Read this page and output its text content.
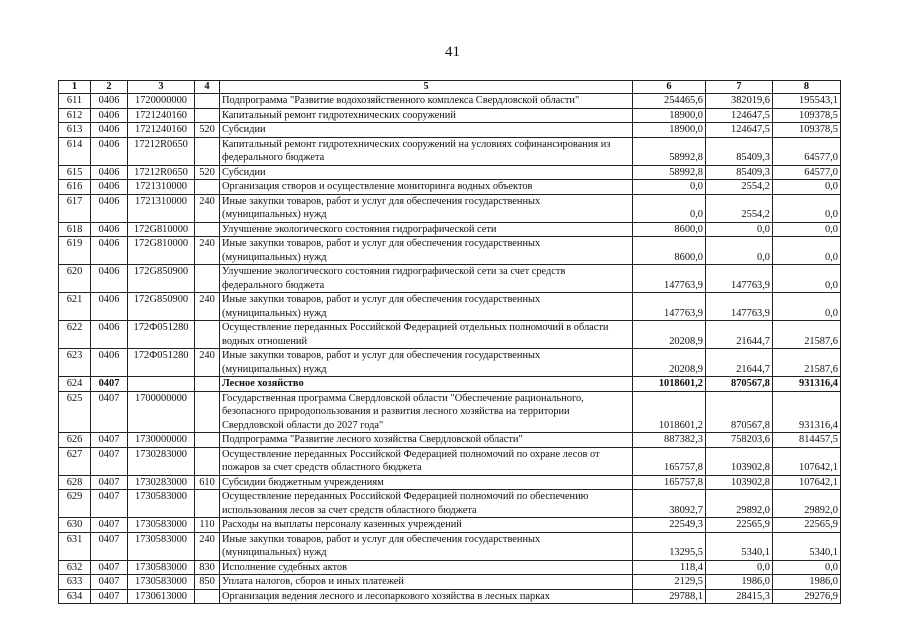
41
1	2	3	4	5	6	7	8
611	0406	1720000000		Подпрограмма "Развитие водохозяйственного комплекса Свердловской области"	254465,6	382019,6	195543,1
612	0406	1721240160		Капитальный ремонт гидротехнических сооружений	18900,0	124647,5	109378,5
613	0406	1721240160	520	Субсидии	18900,0	124647,5	109378,5
614	0406	17212R0650		Капитальный ремонт гидротехнических сооружений на условиях софинансирования из
федерального бюджета	58992,8	85409,3	64577,0
615	0406	17212R0650	520	Субсидии	58992,8	85409,3	64577,0
616	0406	1721310000		Организация створов и осуществление мониторинга водных объектов	0,0	2554,2	0,0
617	0406	1721310000	240	Иные закупки товаров, работ и услуг для обеспечения государственных
(муниципальных) нужд	0,0	2554,2	0,0
618	0406	172G810000		Улучшение экологического состояния гидрографической сети	8600,0	0,0	0,0
619	0406	172G810000	240	Иные закупки товаров, работ и услуг для обеспечения государственных
(муниципальных) нужд	8600,0	0,0	0,0
620	0406	172G850900		Улучшение экологического состояния гидрографической сети за счет средств
федерального бюджета	147763,9	147763,9	0,0
621	0406	172G850900	240	Иные закупки товаров, работ и услуг для обеспечения государственных
(муниципальных) нужд	147763,9	147763,9	0,0
622	0406	172Ф051280		Осуществление переданных Российской Федерацией отдельных полномочий в области
водных отношений	20208,9	21644,7	21587,6
623	0406	172Ф051280	240	Иные закупки товаров, работ и услуг для обеспечения государственных
(муниципальных) нужд	20208,9	21644,7	21587,6
624	0407			Лесное хозяйство	1018601,2	870567,8	931316,4
625	0407	1700000000		Государственная программа Свердловской области "Обеспечение рационального,
безопасного природопользования и развития лесного хозяйства на территории
Свердловской области до 2027 года"	1018601,2	870567,8	931316,4
626	0407	1730000000		Подпрограмма "Развитие лесного хозяйства Свердловской области"	887382,3	758203,6	814457,5
627	0407	1730283000		Осуществление переданных Российской Федерацией полномочий по охране лесов от
пожаров за счет средств областного бюджета	165757,8	103902,8	107642,1
628	0407	1730283000	610	Субсидии бюджетным учреждениям	165757,8	103902,8	107642,1
629	0407	1730583000		Осуществление переданных Российской Федерацией полномочий по обеспечению
использования лесов за счет средств областного бюджета	38092,7	29892,0	29892,0
630	0407	1730583000	110	Расходы на выплаты персоналу казенных учреждений	22549,3	22565,9	22565,9
631	0407	1730583000	240	Иные закупки товаров, работ и услуг для обеспечения государственных
(муниципальных) нужд	13295,5	5340,1	5340,1
632	0407	1730583000	830	Исполнение судебных актов	118,4	0,0	0,0
633	0407	1730583000	850	Уплата налогов, сборов и иных платежей	2129,5	1986,0	1986,0
634	0407	1730613000		Организация ведения лесного и лесопаркового хозяйства в лесных парках	29788,1	28415,3	29276,9
